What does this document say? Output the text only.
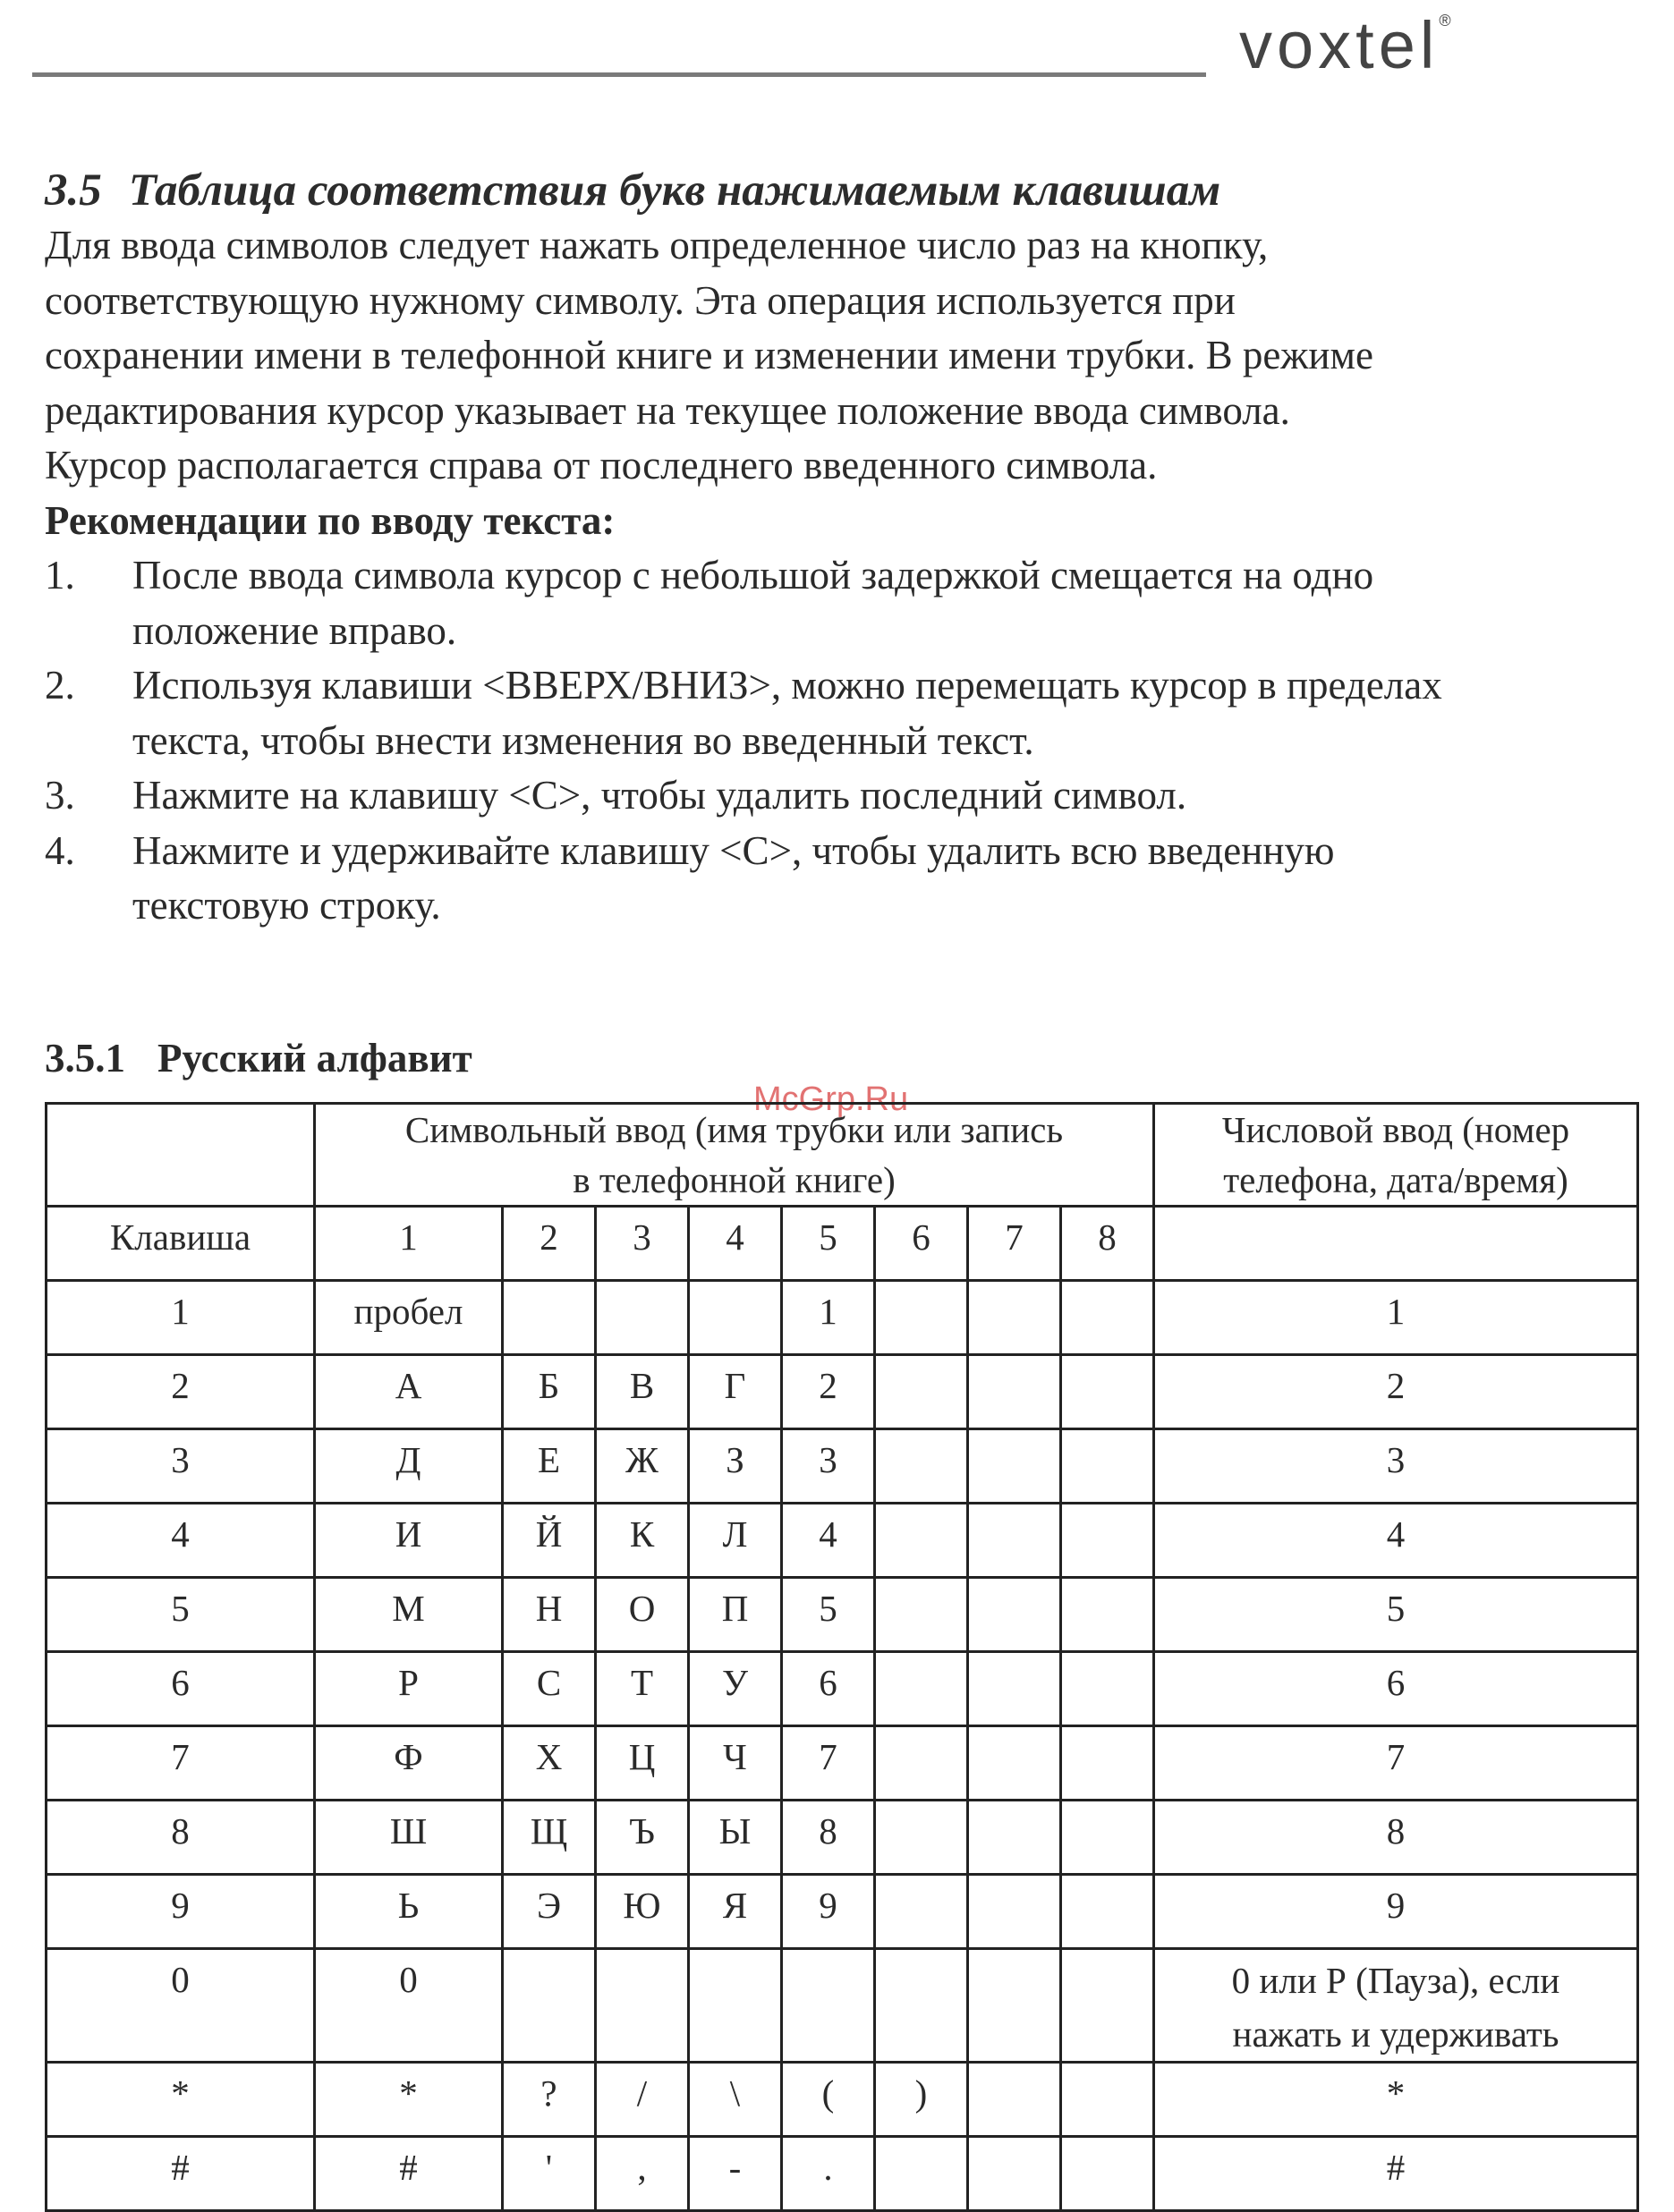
voxtel®
3.5 Таблица соответствия букв нажимаемым клавишам

Для ввода символов следует нажать определенное число раз на кнопку,
соответствующую нужному символу. Эта операция используется при
сохранении имени в телефонной книге и изменении имени трубки. В режиме
редактирования курсор указывает на текущее положение ввода символа.
Курсор располагается справа от последнего введенного символа.

Рекомендации по вводу текста:
1.	После ввода символа курсор с небольшой задержкой смещается на одно
положение вправо.
2.	Используя клавиши <ВВЕРХ/ВНИЗ>, можно перемещать курсор в пределах
текста, чтобы внести изменения во введенный текст.
3.	Нажмите на клавишу <С>, чтобы удалить последний символ.
4.	Нажмите и удерживайте клавишу <С>, чтобы удалить всю введенную
текстовую строку.
3.5.1 Русский алфавит
McGrp.Ru
	Символьный ввод (имя трубки или запись
в телефонной книге)								Числовой ввод (номер
телефона, дата/время)
Клавиша	1	2	3	4	5	6	7	8	
1	пробел				1				1
2	А	Б	В	Г	2				2
3	Д	Е	Ж	З	3				3
4	И	Й	К	Л	4				4
5	М	Н	О	П	5				5
6	Р	С	Т	У	6				6
7	Ф	Х	Ц	Ч	7				7
8	Ш	Щ	Ъ	Ы	8				8
9	Ь	Э	Ю	Я	9				9
0	0								0 или Р (Пауза), если
нажать и удерживать
*	*	?	/	\	(	)			*
#	#	'	,	-	.				#
